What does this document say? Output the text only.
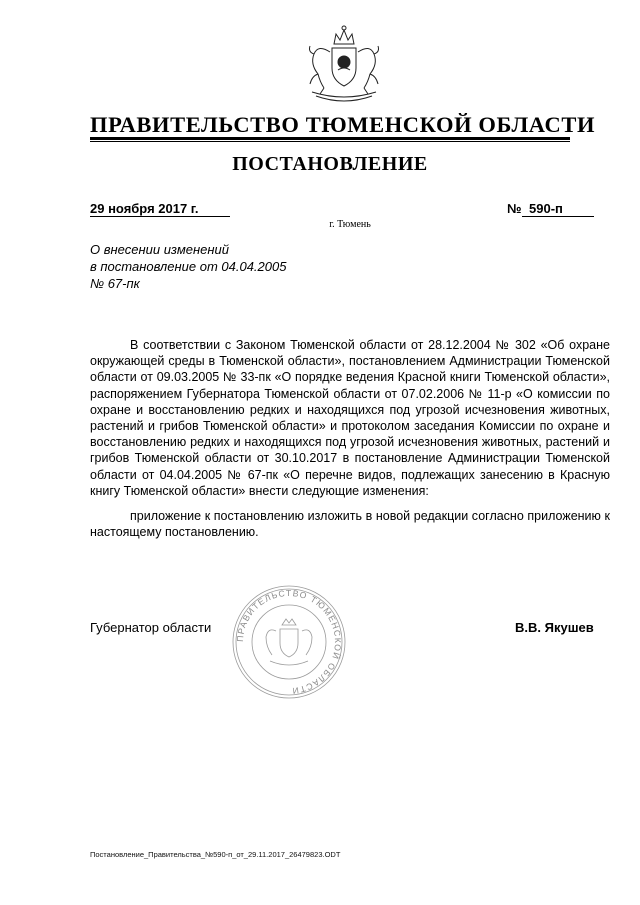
ПРАВИТЕЛЬСТВО ТЮМЕНСКОЙ ОБЛАСТИ
ПОСТАНОВЛЕНИЕ
29 ноября 2017 г.	№ 590-п
г. Тюмень
О внесении изменений
в постановление от 04.04.2005
№ 67-пк

В соответствии с Законом Тюменской области от 28.12.2004 № 302 «Об охране окружающей среды в Тюменской области», постановлением Администрации Тюменской области от 09.03.2005 № 33-пк «О порядке ведения Красной книги Тюменской области», распоряжением Губернатора Тюменской области от 07.02.2006 № 11-р «О комиссии по охране и восстановлению редких и находящихся под угрозой исчезновения животных, растений и грибов Тюменской области» и протоколом заседания Комиссии по охране и восстановлению редких и находящихся под угрозой исчезновения животных, растений и грибов Тюменской области от 30.10.2017 в постановление Администрации Тюменской области от 04.04.2005 № 67-пк «О перечне видов, подлежащих занесению в Красную книгу Тюменской области» внести следующие изменения:

приложение к постановлению изложить в новой редакции согласно приложению к настоящему постановлению.

ПРАВИТЕЛЬСТВО ТЮМЕНСКОЙ ОБЛАСТИ
Губернатор области	В.В. Якушев
Постановление_Правительства_№590-п_от_29.11.2017_26479823.ODT
